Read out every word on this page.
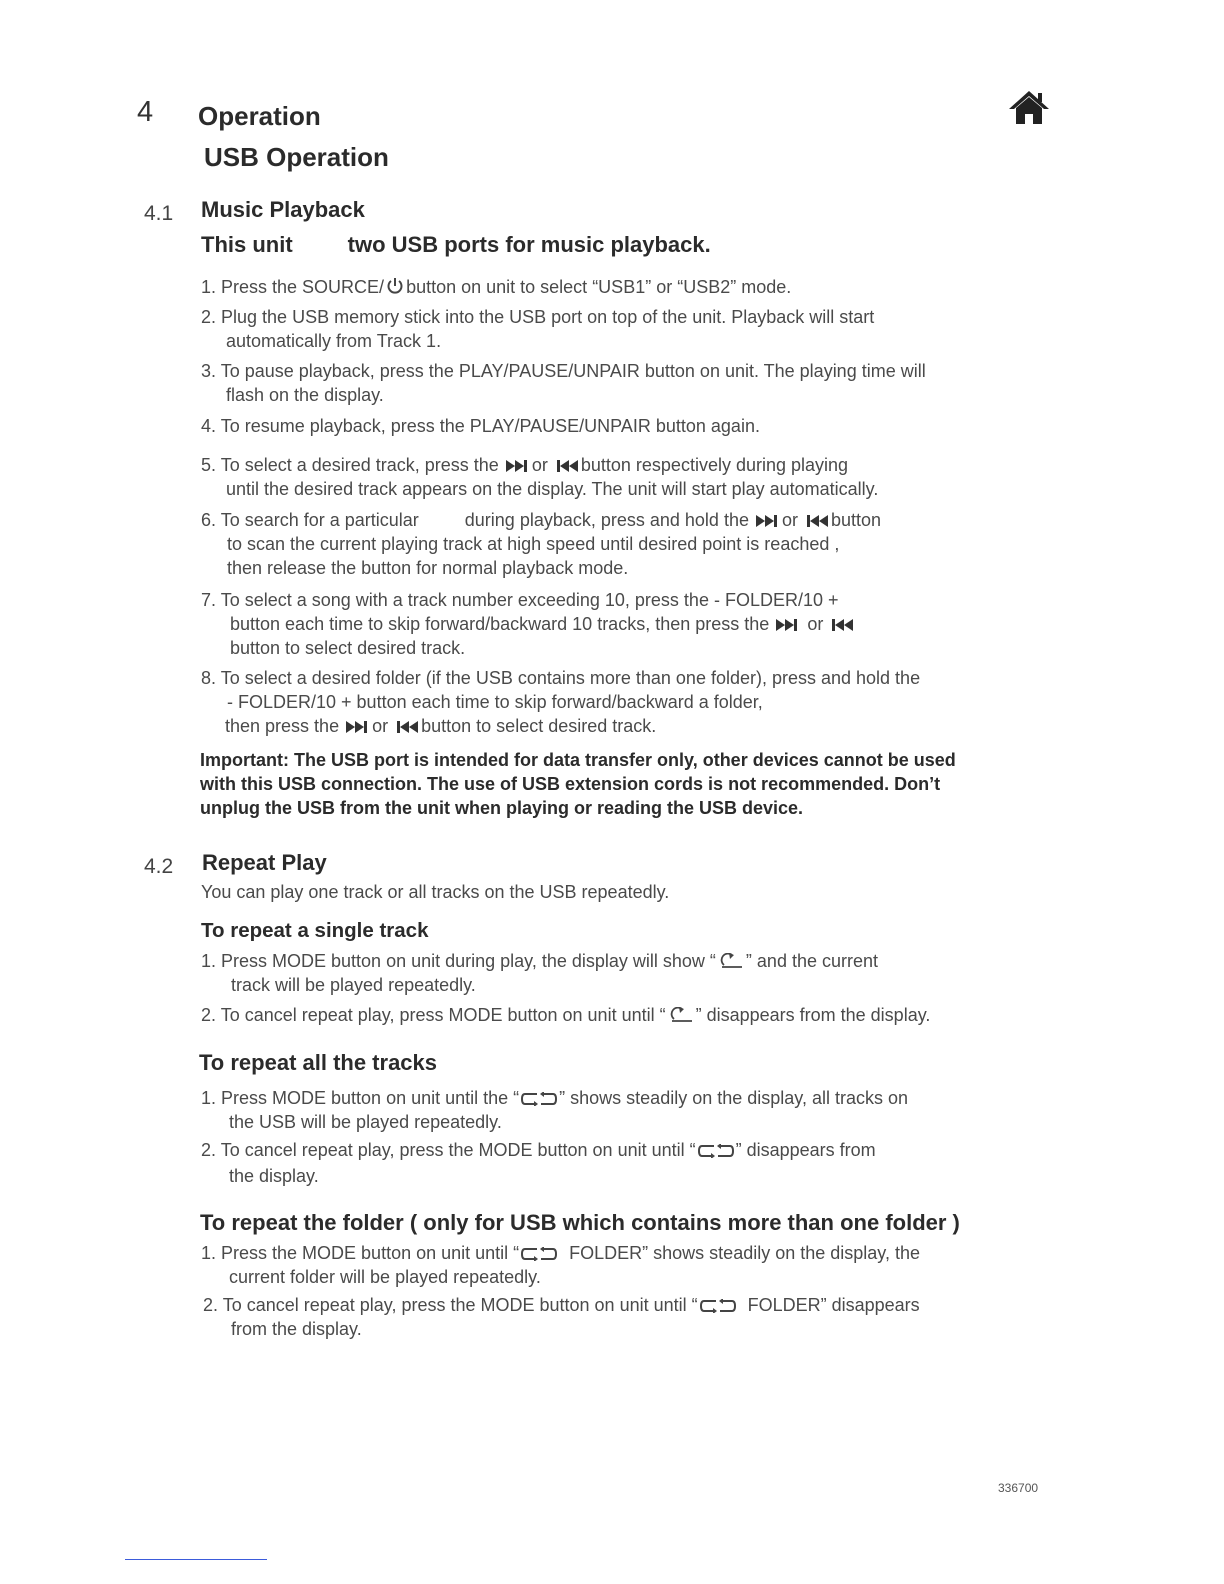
4 Operation
USB Operation
4.1 Music Playback
This unit	two USB ports for music playback.
1. Press the SOURCE/ button on unit to select “USB1” or “USB2” mode.
2. Plug the USB memory stick into the USB port on top of the unit. Playback will start
automatically from Track 1.
3. To pause playback, press the PLAY/PAUSE/UNPAIR button on unit. The playing time will
flash on the display.
4. To resume playback, press the PLAY/PAUSE/UNPAIR button again.
5. To select a desired track, press the or button respectively during playing
until the desired track appears on the display. The unit will start play automatically.
6. To search for a particular	during playback, press and hold the or button
to scan the current playing track at high speed until desired point is reached ,
then release the button for normal playback mode.
7. To select a song with a track number exceeding 10, press the - FOLDER/10 +
button each time to skip forward/backward 10 tracks, then press the or
button to select desired track.
8. To select a desired folder (if the USB contains more than one folder), press and hold the
- FOLDER/10 + button each time to skip forward/backward a folder,
then press the or button to select desired track.
Important: The USB port is intended for data transfer only, other devices cannot be used
with this USB connection. The use of USB extension cords is not recommended. Don’t
unplug the USB from the unit when playing or reading the USB device.
4.2 Repeat Play
You can play one track or all tracks on the USB repeatedly.
To repeat a single track
1. Press MODE button on unit during play, the display will show “ ” and the current
track will be played repeatedly.
2. To cancel repeat play, press MODE button on unit until “ ” disappears from the display.
To repeat all the tracks
1. Press MODE button on unit until the “ ” shows steadily on the display, all tracks on
the USB will be played repeatedly.
2. To cancel repeat play, press the MODE button on unit until “ ” disappears from
the display.
To repeat the folder ( only for USB which contains more than one folder )
1. Press the MODE button on unit until “	FOLDER” shows steadily on the display, the
current folder will be played repeatedly.
2. To cancel repeat play, press the MODE button on unit until “	FOLDER” disappears
from the display.
336700
